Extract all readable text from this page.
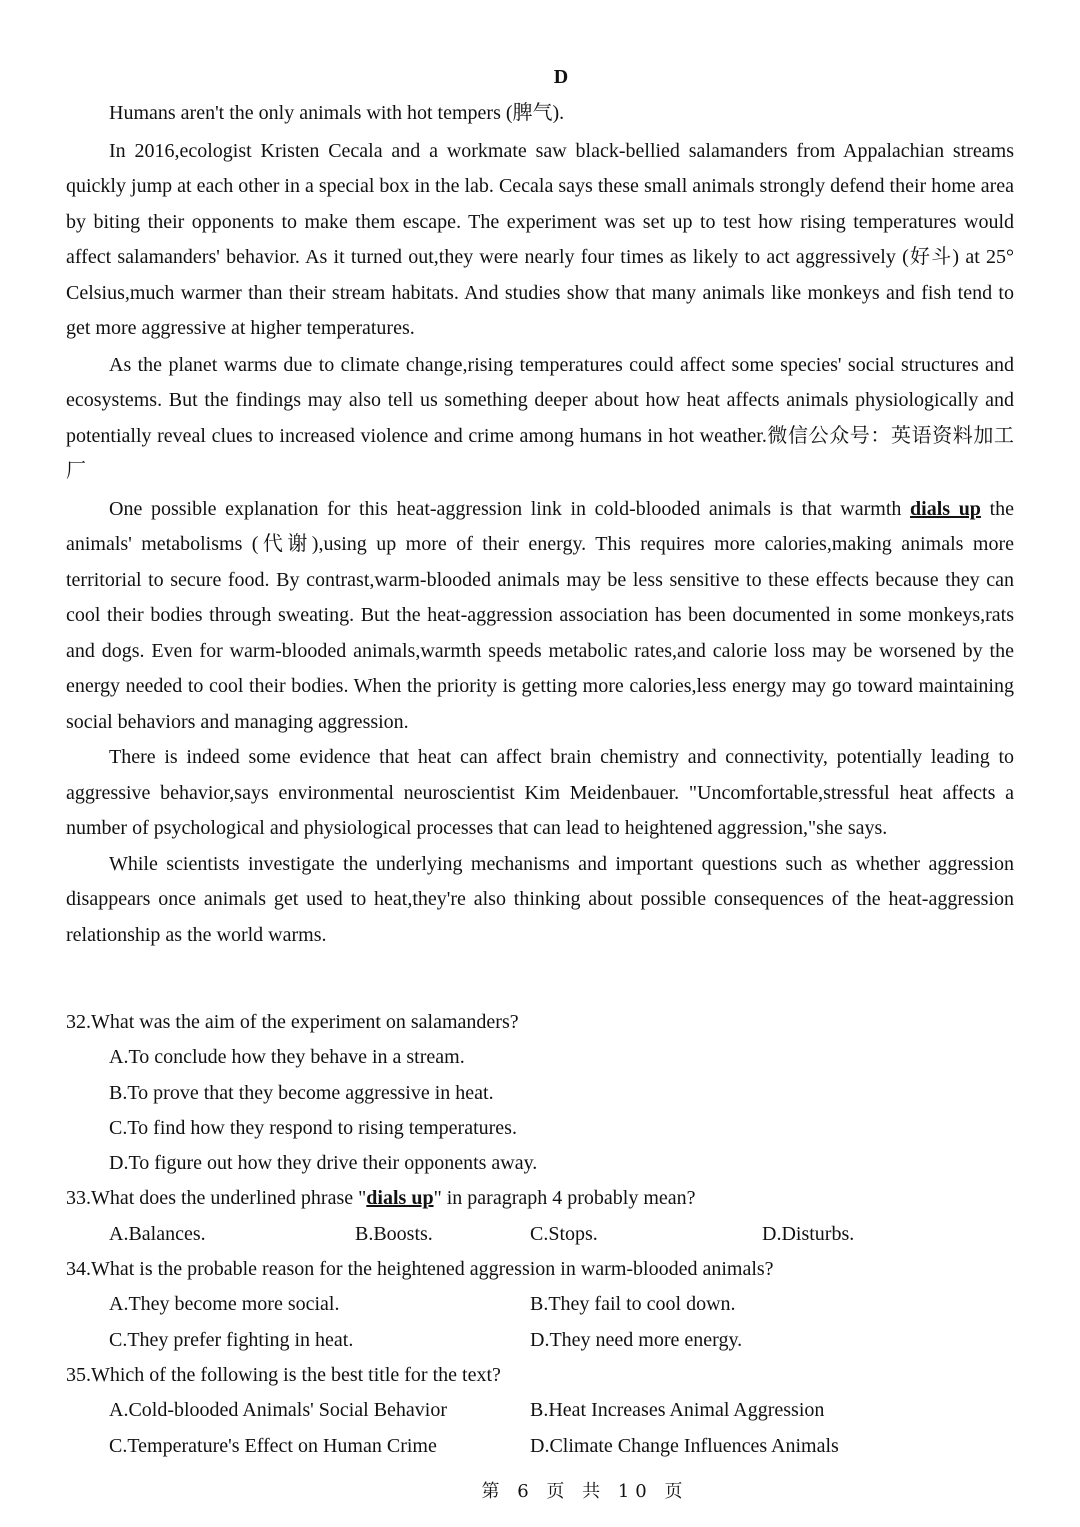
D

Humans aren't the only animals with hot tempers (脾气).

In 2016,ecologist Kristen Cecala and a workmate saw black-bellied salamanders from Appalachian streams quickly jump at each other in a special box in the lab. Cecala says these small animals strongly defend their home area by biting their opponents to make them escape. The experiment was set up to test how rising temperatures would affect salamanders' behavior. As it turned out,they were nearly four times as likely to act aggressively (好斗) at 25° Celsius,much warmer than their stream habitats. And studies show that many animals like monkeys and fish tend to get more aggressive at higher temperatures.

As the planet warms due to climate change,rising temperatures could affect some species' social structures and ecosystems. But the findings may also tell us something deeper about how heat affects animals physiologically and potentially reveal clues to increased violence and crime among humans in hot weather.微信公众号：英语资料加工厂

One possible explanation for this heat-aggression link in cold-blooded animals is that warmth dials up the animals' metabolisms (代谢),using up more of their energy. This requires more calories,making animals more territorial to secure food. By contrast,warm-blooded animals may be less sensitive to these effects because they can cool their bodies through sweating. But the heat-aggression association has been documented in some monkeys,rats and dogs. Even for warm-blooded animals,warmth speeds metabolic rates,and calorie loss may be worsened by the energy needed to cool their bodies. When the priority is getting more calories,less energy may go toward maintaining social behaviors and managing aggression.

There is indeed some evidence that heat can affect brain chemistry and connectivity, potentially leading to aggressive behavior,says environmental neuroscientist Kim Meidenbauer. "Uncomfortable,stressful heat affects a number of psychological and physiological processes that can lead to heightened aggression,"she says.

While scientists investigate the underlying mechanisms and important questions such as whether aggression disappears once animals get used to heat,they're also thinking about possible consequences of the heat-aggression relationship as the world warms.

32.What was the aim of the experiment on salamanders?

A.To conclude how they behave in a stream.
B.To prove that they become aggressive in heat.
C.To find how they respond to rising temperatures.
D.To figure out how they drive their opponents away.

33.What does the underlined phrase "dials up" in paragraph 4 probably mean?

A.Balances.	B.Boosts.	C.Stops.	D.Disturbs.

34.What is the probable reason for the heightened aggression in warm-blooded animals?

A.They become more social.	B.They fail to cool down.
C.They prefer fighting in heat.	D.They need more energy.

35.Which of the following is the best title for the text?

A.Cold-blooded Animals' Social Behavior	B.Heat Increases Animal Aggression
C.Temperature's Effect on Human Crime	D.Climate Change Influences Animals
第 6 页 共 10 页
